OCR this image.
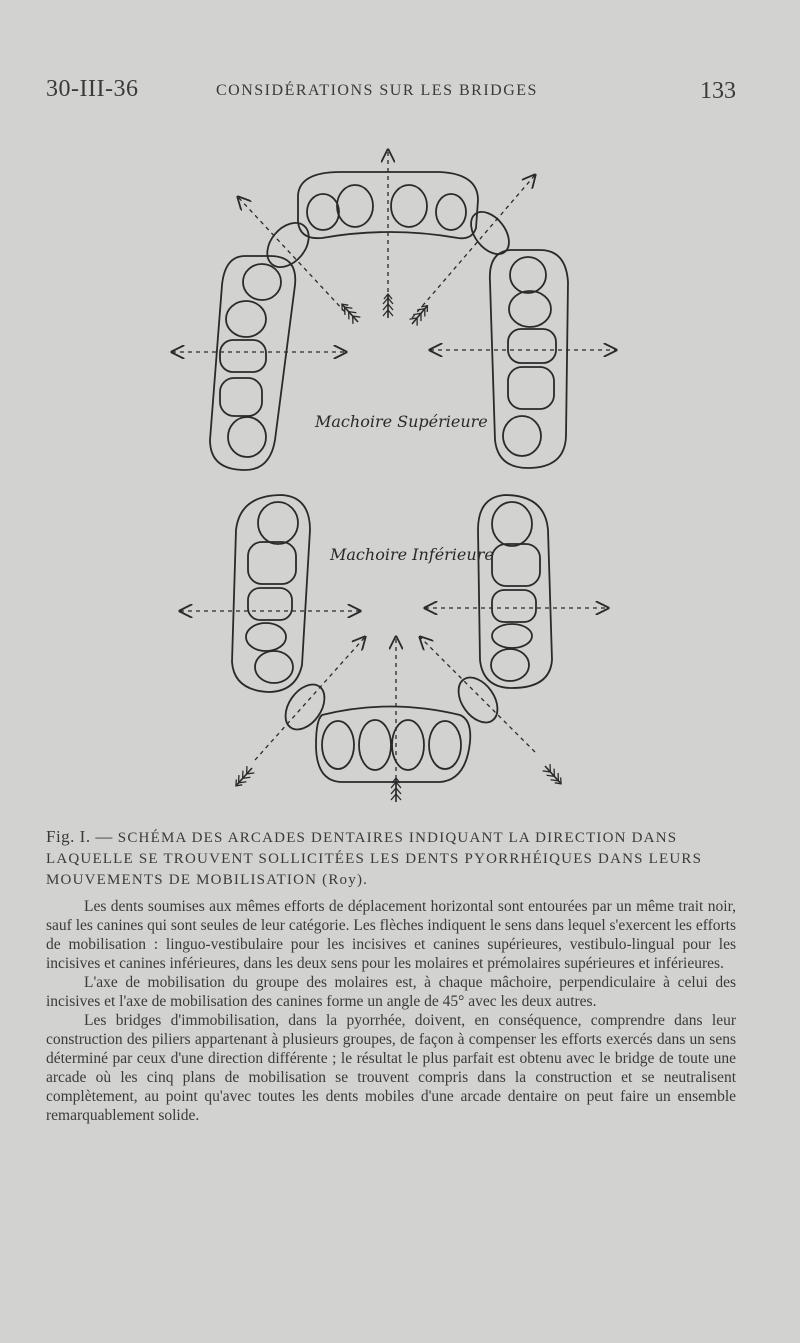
30-III-36	CONSIDÉRATIONS SUR LES BRIDGES	133
Machoire Supérieure
Machoire Inférieure
Fig. I. — SCHÉMA DES ARCADES DENTAIRES INDIQUANT LA DIRECTION DANS LAQUELLE SE TROUVENT SOLLICITÉES LES DENTS PYORRHÉIQUES DANS LEURS MOUVEMENTS DE MOBILISATION (Roy).

Les dents soumises aux mêmes efforts de déplacement horizontal sont entourées par un même trait noir, sauf les canines qui sont seules de leur catégorie. Les flèches indiquent le sens dans lequel s'exercent les efforts de mobilisation : linguo-vestibulaire pour les incisives et canines supérieures, vestibulo-lingual pour les incisives et canines inférieures, dans les deux sens pour les molaires et prémolaires supérieures et inférieures.

L'axe de mobilisation du groupe des molaires est, à chaque mâchoire, perpendiculaire à celui des incisives et l'axe de mobilisation des canines forme un angle de 45° avec les deux autres.

Les bridges d'immobilisation, dans la pyorrhée, doivent, en conséquence, comprendre dans leur construction des piliers appartenant à plusieurs groupes, de façon à compenser les efforts exercés dans un sens déterminé par ceux d'une direction différente ; le résultat le plus parfait est obtenu avec le bridge de toute une arcade où les cinq plans de mobilisation se trouvent compris dans la construction et se neutralisent complètement, au point qu'avec toutes les dents mobiles d'une arcade dentaire on peut faire un ensemble remarquablement solide.
